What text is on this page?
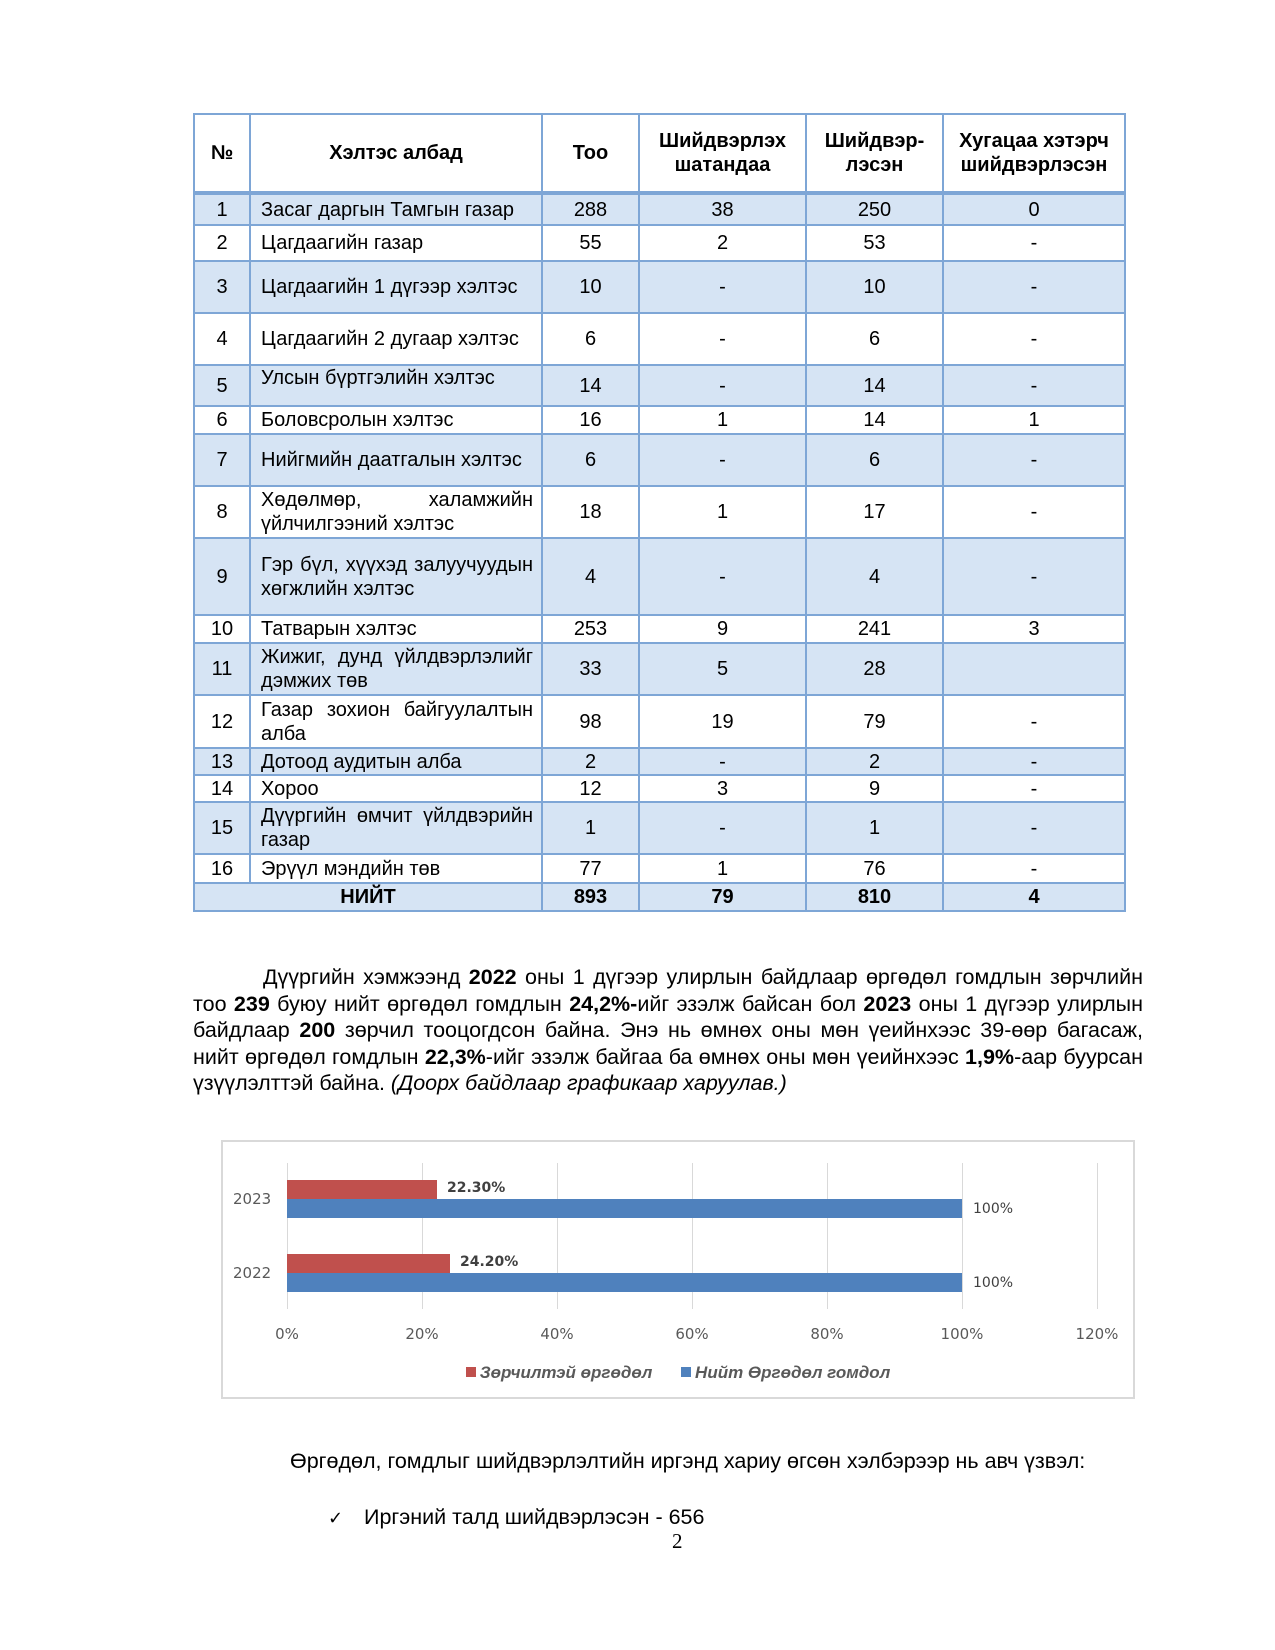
№	Хэлтэс албад	Тоо	Шийдвэрлэх шатандаа	Шийдвэр-лэсэн	Хугацаа хэтэрч шийдвэрлэсэн
1	Засаг даргын Тамгын газар	288	38	250	0
2	Цагдаагийн газар	55	2	53	-
3	Цагдаагийн 1 дүгээр хэлтэс	10	-	10	-
4	Цагдаагийн 2 дугаар хэлтэс	6	-	6	-
5	Улсын бүртгэлийн хэлтэс	14	-	14	-
6	Боловсролын хэлтэс	16	1	14	1
7	Нийгмийн даатгалын хэлтэс	6	-	6	-
8	Хөдөлмөр, халамжийн үйлчилгээний хэлтэс	18	1	17	-
9	Гэр бүл, хүүхэд залуучуудын хөгжлийн хэлтэс	4	-	4	-
10	Татварын хэлтэс	253	9	241	3
11	Жижиг, дунд үйлдвэрлэлийг дэмжих төв	33	5	28	
12	Газар зохион байгуулалтын алба	98	19	79	-
13	Дотоод аудитын алба	2	-	2	-
14	Хороо	12	3	9	-
15	Дүүргийн өмчит үйлдвэрийн газар	1	-	1	-
16	Эрүүл мэндийн төв	77	1	76	-
НИЙТ		893	79	810	4
Дүүргийн хэмжээнд 2022 оны 1 дүгээр улирлын байдлаар өргөдөл гомдлын зөрчлийн тоо 239 буюу нийт өргөдөл гомдлын 24,2%-ийг эзэлж байсан бол 2023 оны 1 дүгээр улирлын байдлаар 200 зөрчил тооцогдсон байна. Энэ нь өмнөх оны мөн үеийнхээс 39-өөр багасаж, нийт өргөдөл гомдлын 22,3%-ийг эзэлж байгаа ба өмнөх оны мөн үеийнхээс 1,9%-аар буурсан үзүүлэлттэй байна. (Доорх байдлаар графикаар харуулав.)
2023
2022
22.30%
100%
24.20%
100%
0%	20%	40%	60%	80%	100%	120%
Зөрчилтэй өргөдөл	Нийт Өргөдөл гомдол
Өргөдөл, гомдлыг шийдвэрлэлтийн иргэнд хариу өгсөн хэлбэрээр нь авч үзвэл:
✓ Иргэний талд шийдвэрлэсэн - 656
2
